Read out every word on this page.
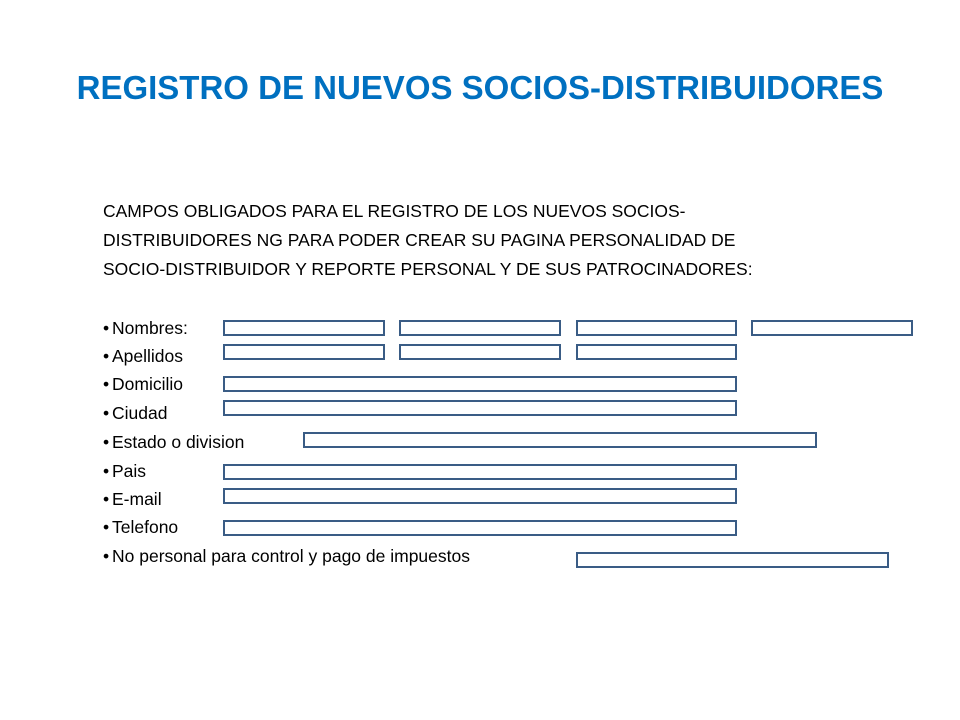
REGISTRO DE NUEVOS SOCIOS-DISTRIBUIDORES
CAMPOS OBLIGADOS PARA EL REGISTRO DE LOS NUEVOS SOCIOS-
DISTRIBUIDORES NG PARA PODER CREAR SU PAGINA PERSONALIDAD DE
SOCIO-DISTRIBUIDOR Y REPORTE PERSONAL Y DE SUS PATROCINADORES:
• Nombres:
• Apellidos
• Domicilio
• Ciudad
• Estado o division
• Pais
• E-mail
• Telefono
• No personal para control y pago de impuestos
